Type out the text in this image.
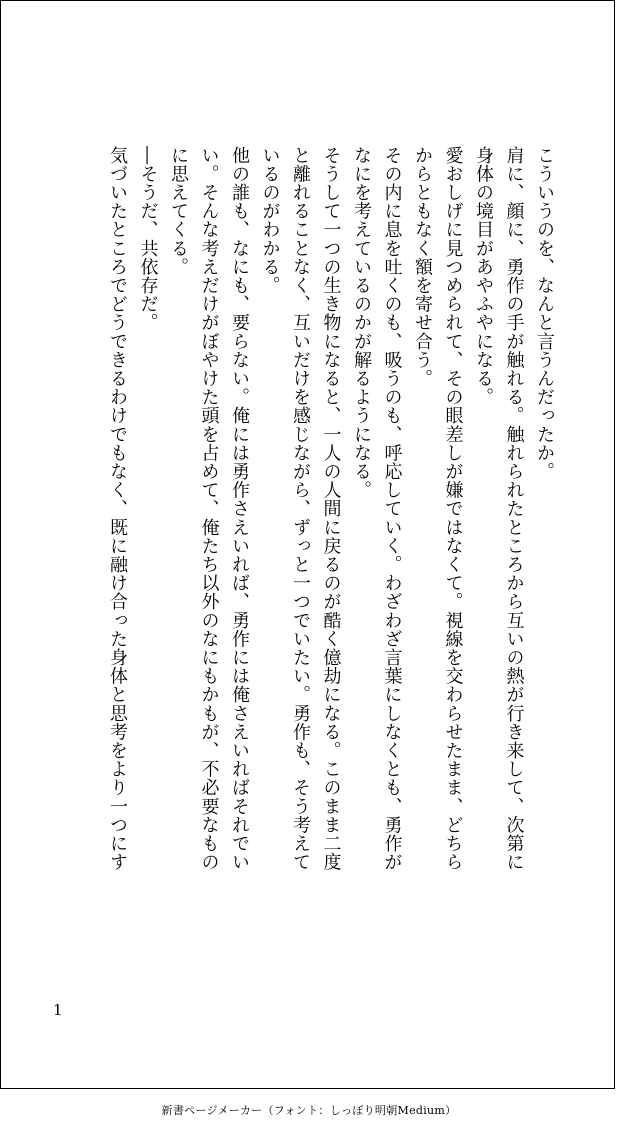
こういうのを、なんと言うんだったか。
肩に、顔に、勇作の手が触れる。触れられたところから互いの熱が行き来して、次第に
身体の境目があやふやになる。
愛おしげに見つめられて、その眼差しが嫌ではなくて。視線を交わらせたまま、どちら
からともなく額を寄せ合う。
その内に息を吐くのも、吸うのも、呼応していく。わざわざ言葉にしなくとも、勇作が
なにを考えているのかが解るようになる。
そうして一つの生き物になると、一人の人間に戻るのが酷く億劫になる。このまま二度
と離れることなく、互いだけを感じながら、ずっと一つでいたい。勇作も、そう考えて
いるのがわかる。
他の誰も、なにも、要らない。俺には勇作さえいれば、勇作には俺さえいればそれでい
い。そんな考えだけがぼやけた頭を占めて、俺たち以外のなにもかもが、不必要なもの
に思えてくる。
―そうだ、共依存だ。
気づいたところでどうできるわけでもなく、既に融け合った身体と思考をより一つにす
1
新書ページメーカー（フォント：しっぽり明朝Medium）
